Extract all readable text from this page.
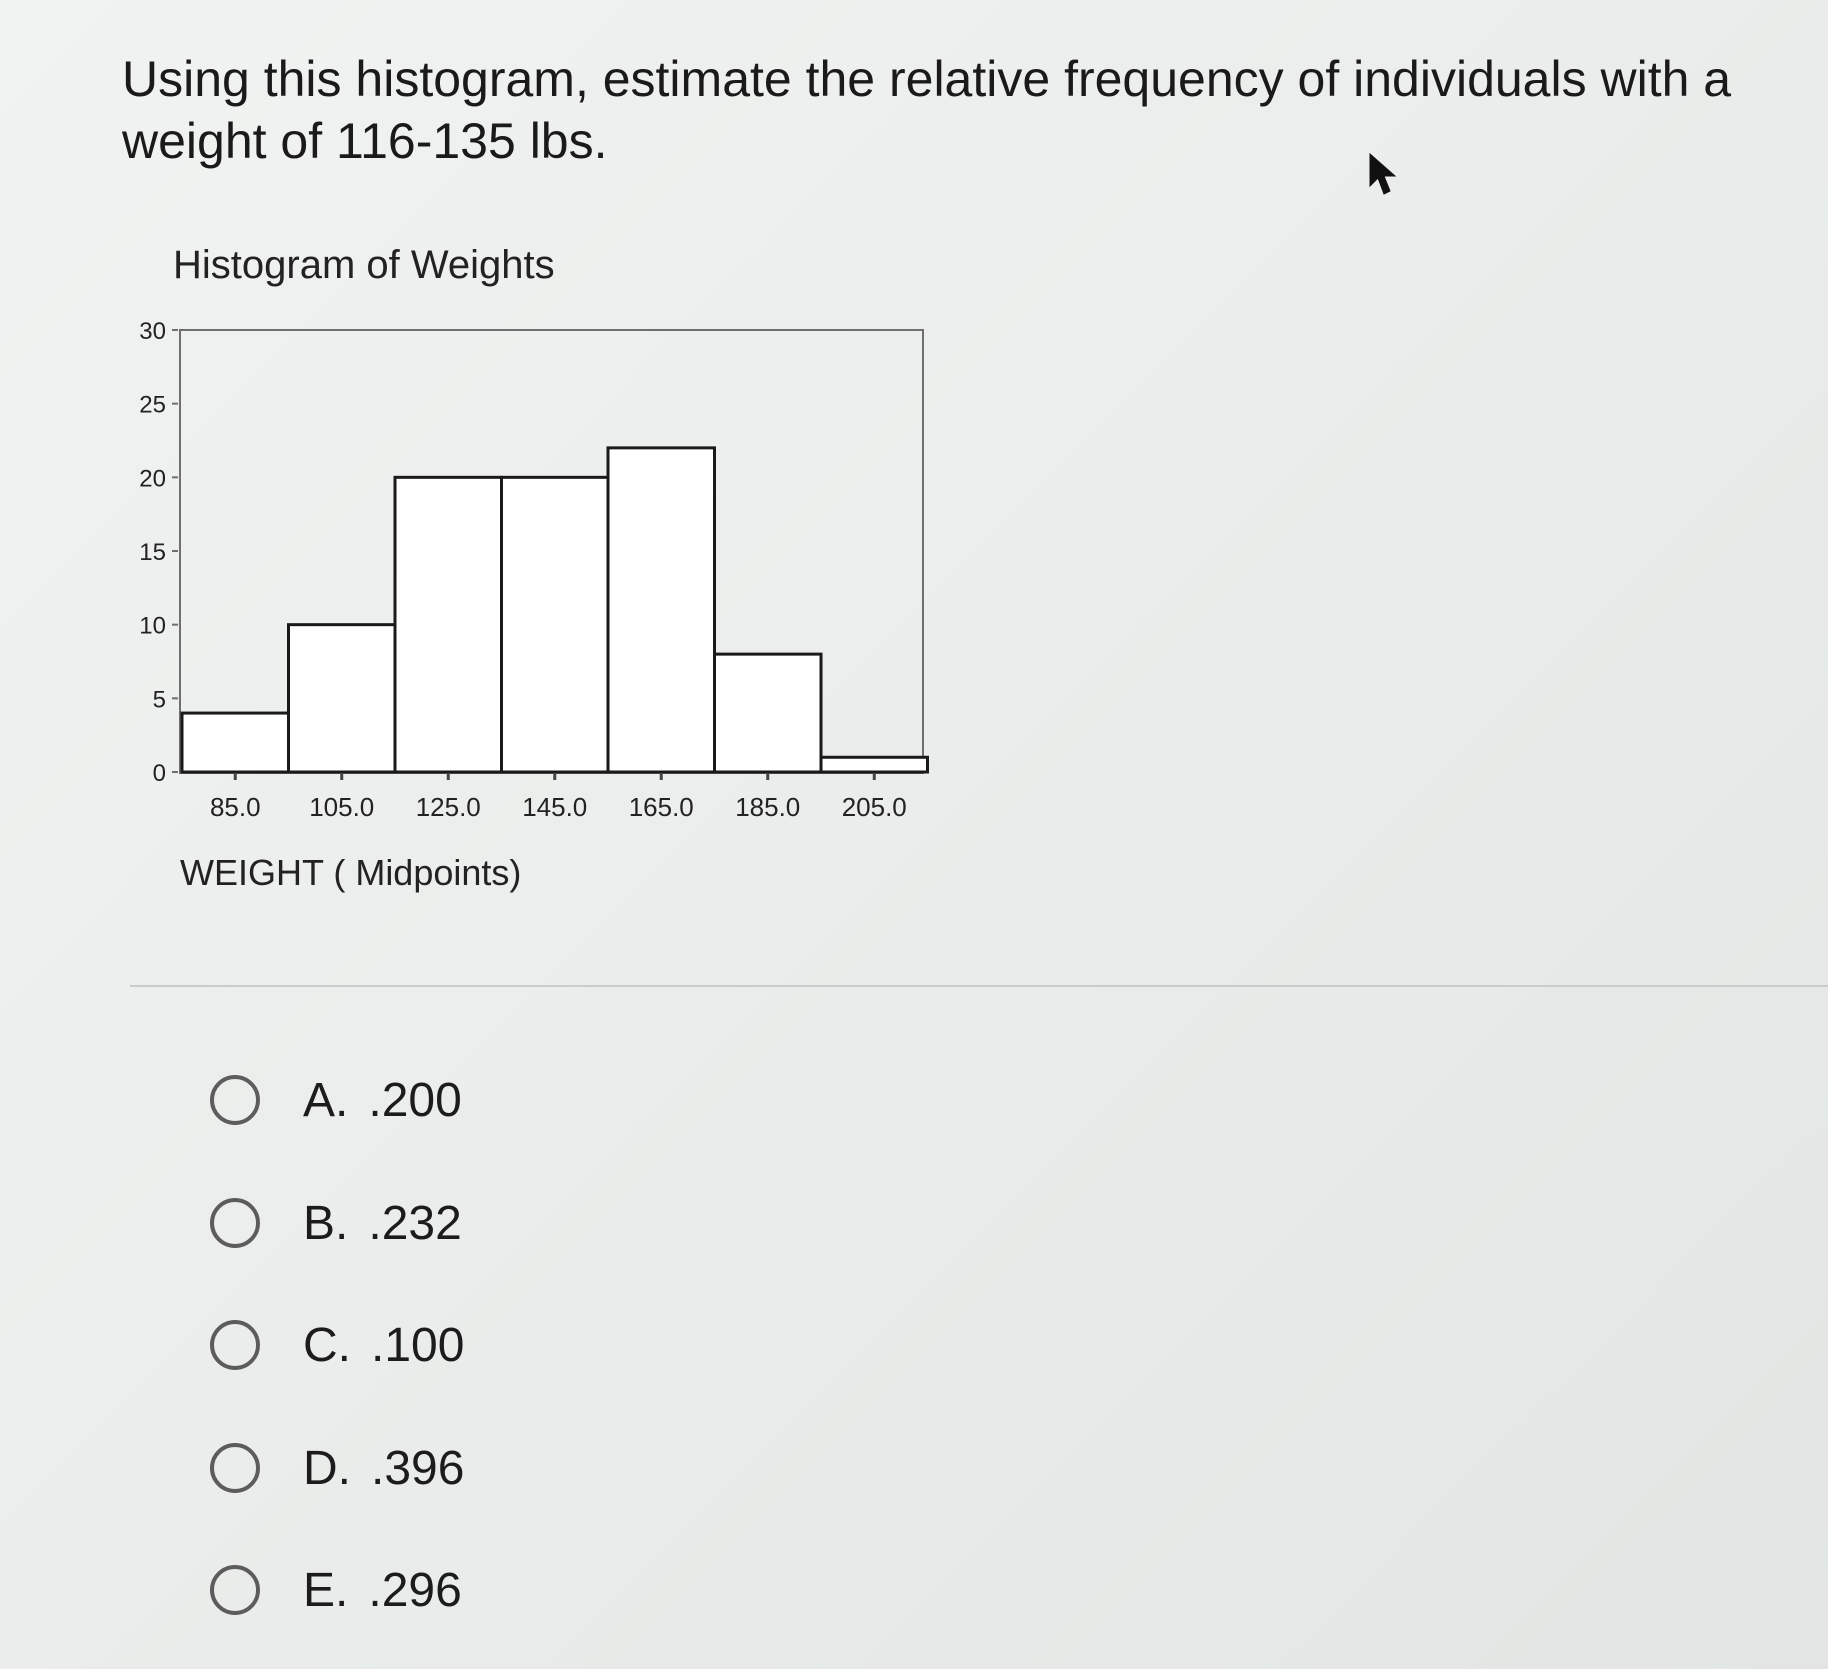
Using this histogram, estimate the relative frequency of individuals with a weight of 116-135 lbs.
Histogram of Weights
0
5
10
15
20
25
30
85.0 105.0 125.0 145.0 165.0 185.0 205.0
WEIGHT ( Midpoints)
A. .200
B. .232
C. .100
D. .396
E. .296
